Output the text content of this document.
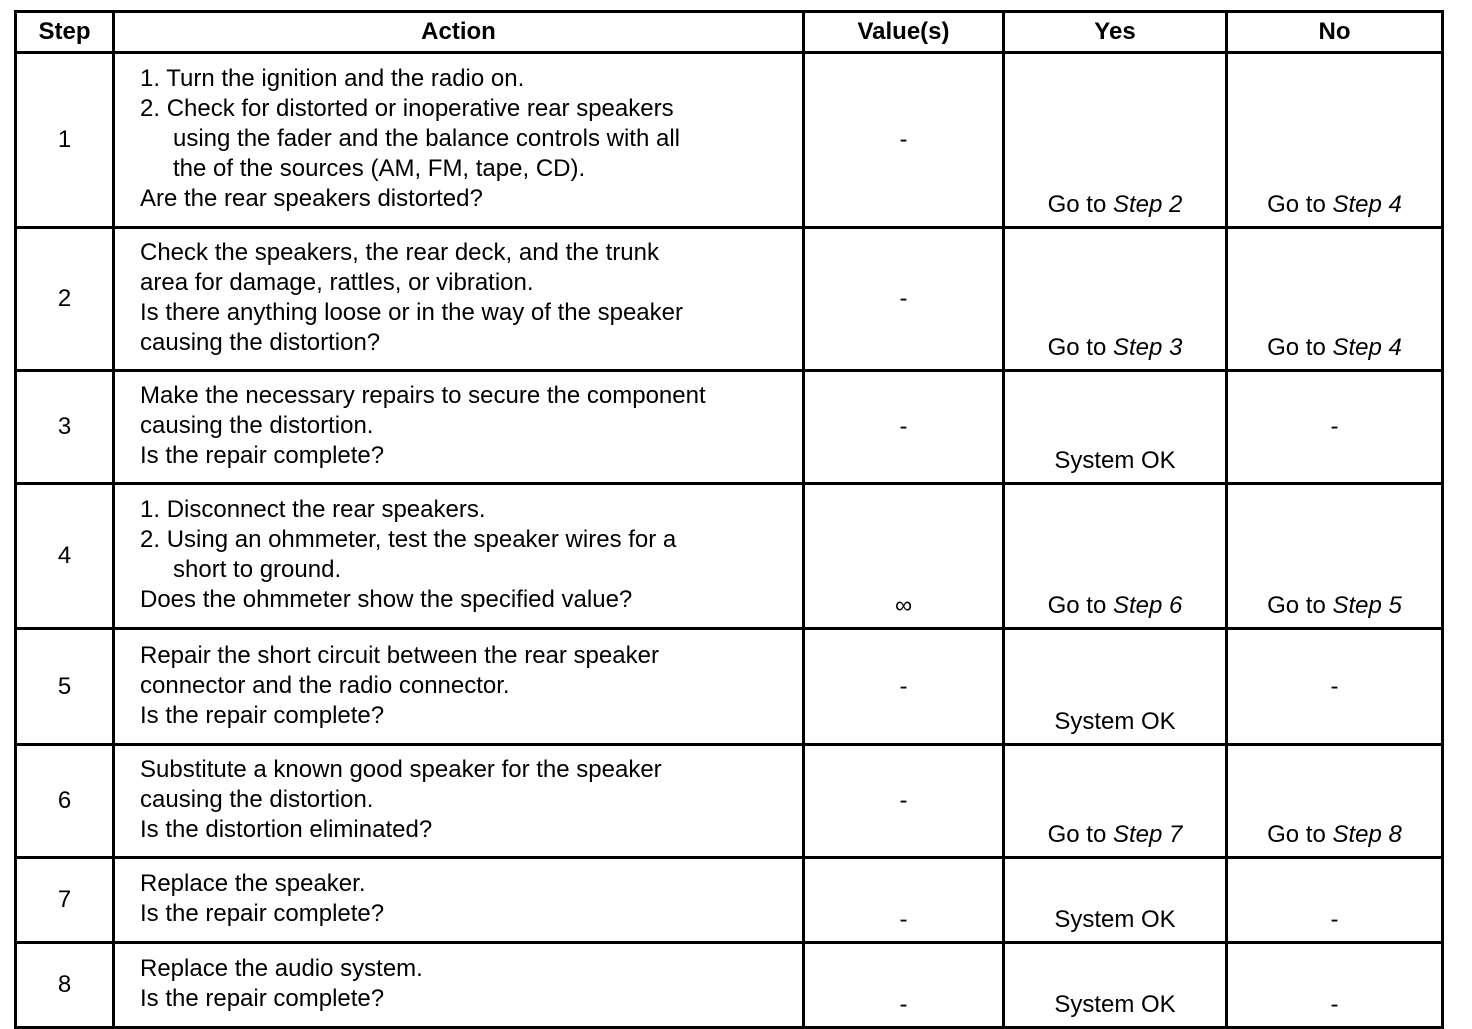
Step	Action	Value(s)	Yes	No
1	1. Turn the ignition and the radio on.
2. Check for distorted or inoperative rear speakers
using the fader and the balance controls with all
the of the sources (AM, FM, tape, CD).
Are the rear speakers distorted?	-	Go to Step 2	Go to Step 4
2	Check the speakers, the rear deck, and the trunk
area for damage, rattles, or vibration.
Is there anything loose or in the way of the speaker
causing the distortion?	-	Go to Step 3	Go to Step 4
3	Make the necessary repairs to secure the component
causing the distortion.
Is the repair complete?	-	System OK	-
4	1. Disconnect the rear speakers.
2. Using an ohmmeter, test the speaker wires for a
short to ground.
Does the ohmmeter show the specified value?	∞	Go to Step 6	Go to Step 5
5	Repair the short circuit between the rear speaker
connector and the radio connector.
Is the repair complete?	-	System OK	-
6	Substitute a known good speaker for the speaker
causing the distortion.
Is the distortion eliminated?	-	Go to Step 7	Go to Step 8
7	Replace the speaker.
Is the repair complete?	-	System OK	-
8	Replace the audio system.
Is the repair complete?	-	System OK	-
